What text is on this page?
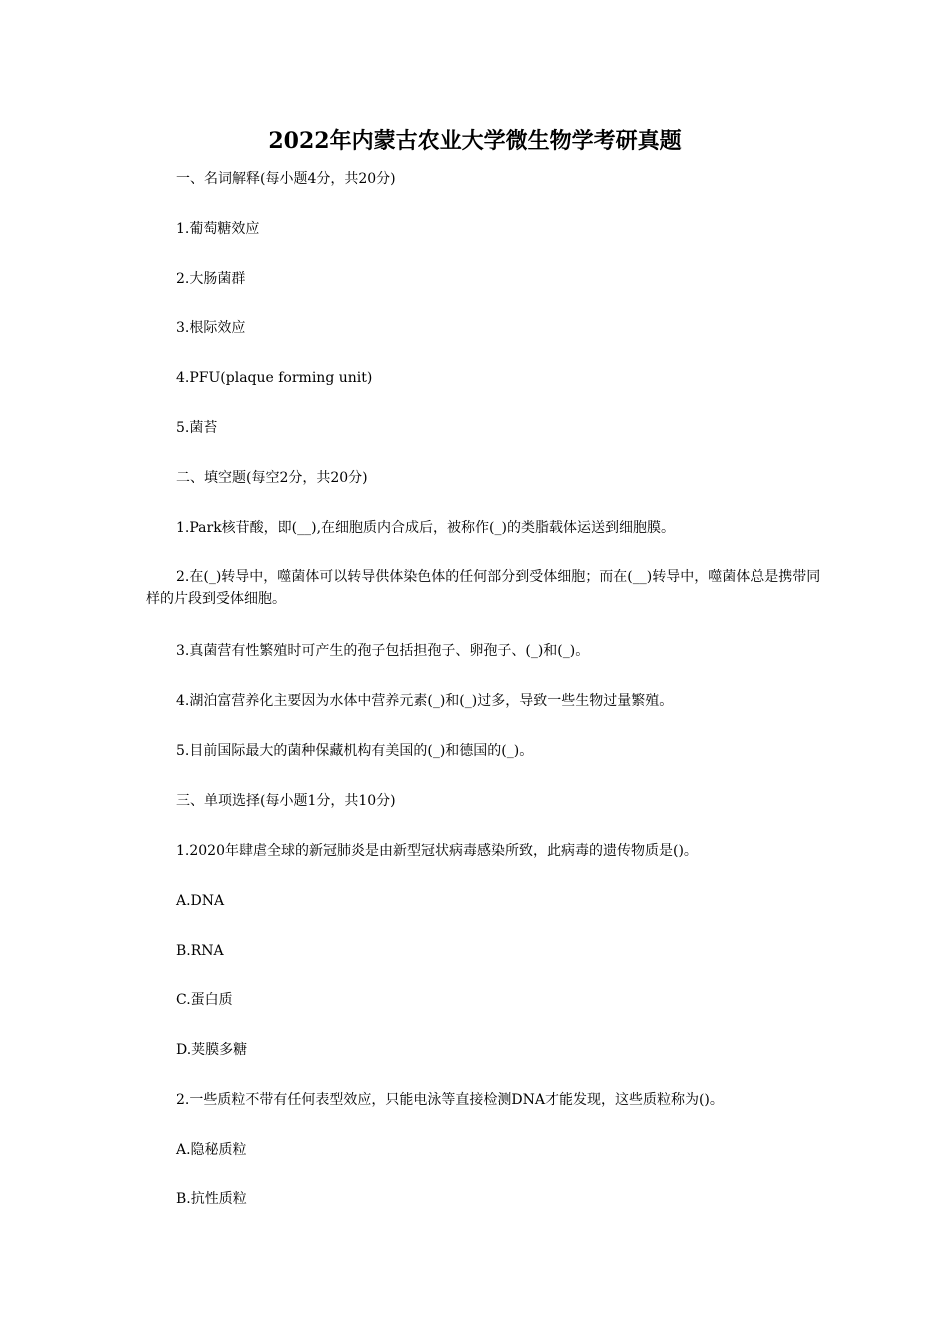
2022年内蒙古农业大学微生物学考研真题
一、名词解释(每小题4分，共20分)
1.葡萄糖效应
2.大肠菌群
3.根际效应
4.PFU(plaque forming unit)
5.菌苔
二、填空题(每空2分，共20分)
1.Park核苷酸，即(__),在细胞质内合成后，被称作(_)的类脂载体运送到细胞膜。
2.在(_)转导中，噬菌体可以转导供体染色体的任何部分到受体细胞；而在(__)转导中，噬菌体总是携带同样的片段到受体细胞。
3.真菌营有性繁殖时可产生的孢子包括担孢子、卵孢子、(_)和(_)。
4.湖泊富营养化主要因为水体中营养元素(_)和(_)过多，导致一些生物过量繁殖。
5.目前国际最大的菌种保藏机构有美国的(_)和德国的(_)。
三、单项选择(每小题1分，共10分)
1.2020年肆虐全球的新冠肺炎是由新型冠状病毒感染所致，此病毒的遗传物质是()。
A.DNA
B.RNA
C.蛋白质
D.荚膜多糖
2.一些质粒不带有任何表型效应，只能电泳等直接检测DNA才能发现，这些质粒称为()。
A.隐秘质粒
B.抗性质粒
